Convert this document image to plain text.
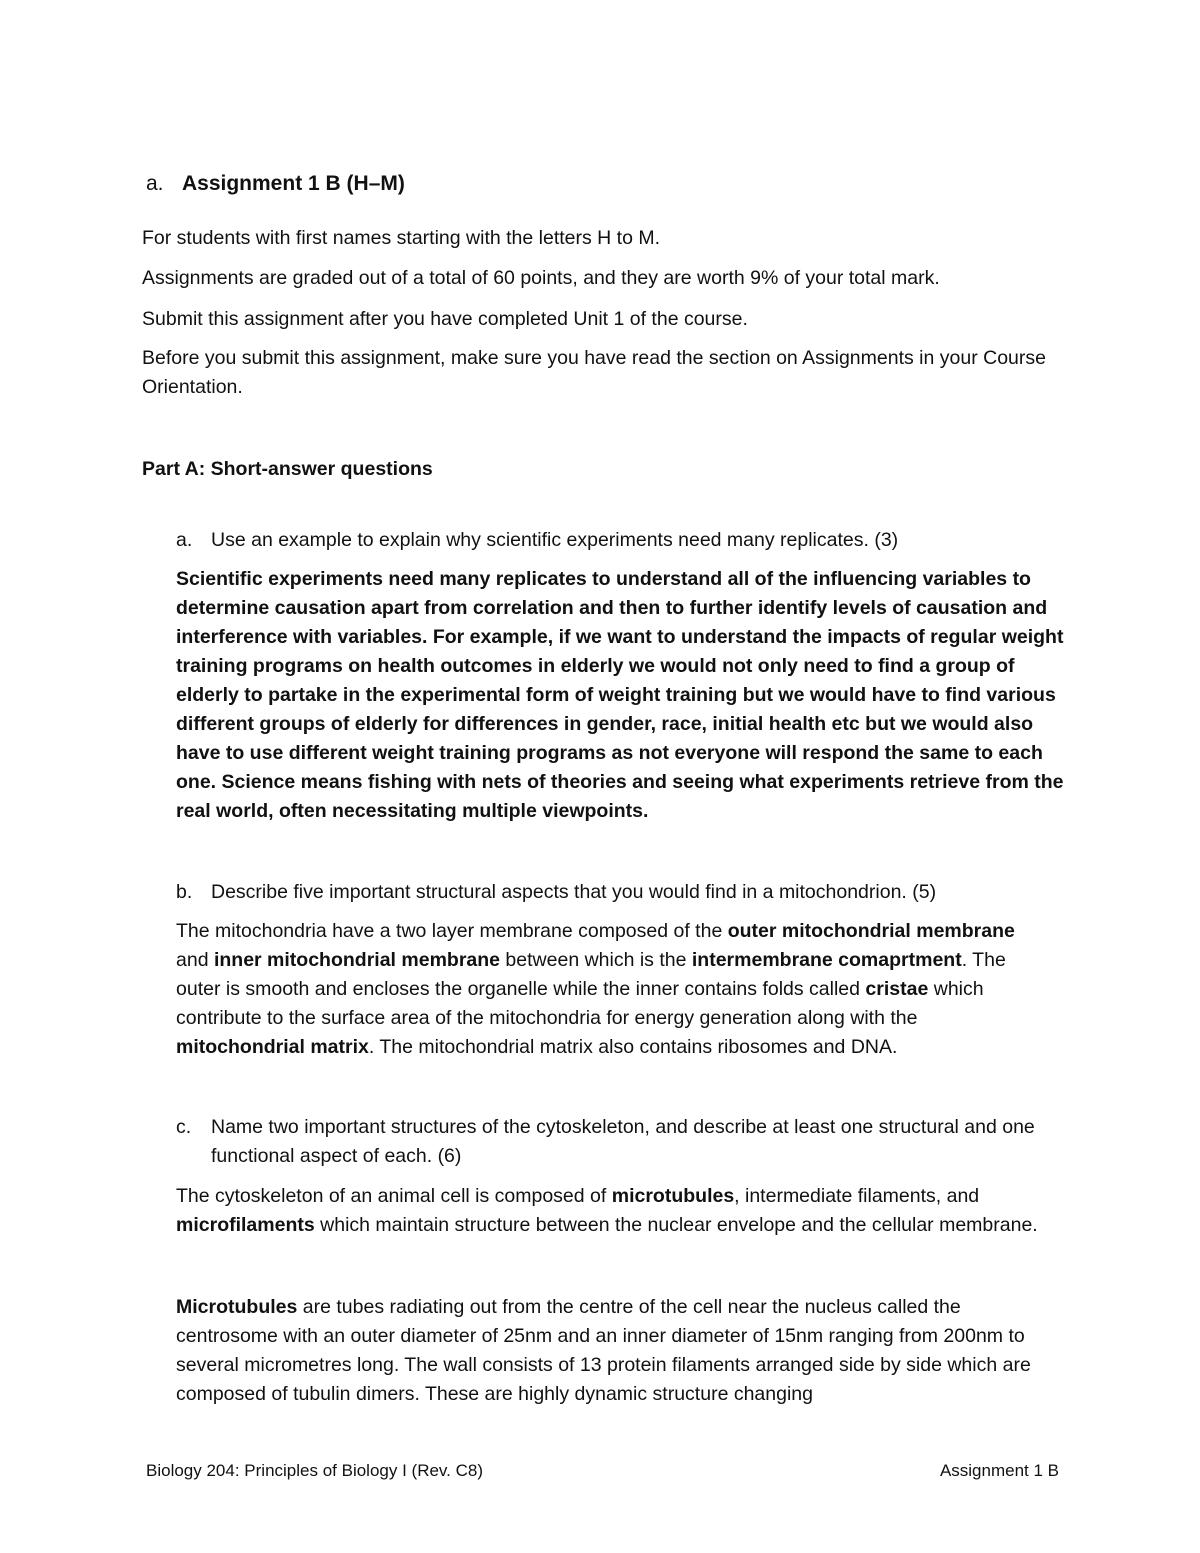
a. Assignment 1 B (H–M)

For students with first names starting with the letters H to M.

Assignments are graded out of a total of 60 points, and they are worth 9% of your total mark.

Submit this assignment after you have completed Unit 1 of the course.

Before you submit this assignment, make sure you have read the section on Assignments in your Course Orientation.

Part A: Short-answer questions

a. Use an example to explain why scientific experiments need many replicates. (3)

Scientific experiments need many replicates to understand all of the influencing variables to determine causation apart from correlation and then to further identify levels of causation and interference with variables. For example, if we want to understand the impacts of regular weight training programs on health outcomes in elderly we would not only need to find a group of elderly to partake in the experimental form of weight training but we would have to find various different groups of elderly for differences in gender, race, initial health etc but we would also have to use different weight training programs as not everyone will respond the same to each one. Science means fishing with nets of theories and seeing what experiments retrieve from the real world, often necessitating multiple viewpoints.

b. Describe five important structural aspects that you would find in a mitochondrion. (5)

The mitochondria have a two layer membrane composed of the outer mitochondrial membrane and inner mitochondrial membrane between which is the intermembrane comaprtment. The outer is smooth and encloses the organelle while the inner contains folds called cristae which contribute to the surface area of the mitochondria for energy generation along with the mitochondrial matrix. The mitochondrial matrix also contains ribosomes and DNA.

c. Name two important structures of the cytoskeleton, and describe at least one structural and one functional aspect of each. (6)

The cytoskeleton of an animal cell is composed of microtubules, intermediate filaments, and microfilaments which maintain structure between the nuclear envelope and the cellular membrane.

Microtubules are tubes radiating out from the centre of the cell near the nucleus called the centrosome with an outer diameter of 25nm and an inner diameter of 15nm ranging from 200nm to several micrometres long. The wall consists of 13 protein filaments arranged side by side which are composed of tubulin dimers. These are highly dynamic structure changing

Biology 204: Principles of Biology I (Rev. C8)	Assignment 1 B
